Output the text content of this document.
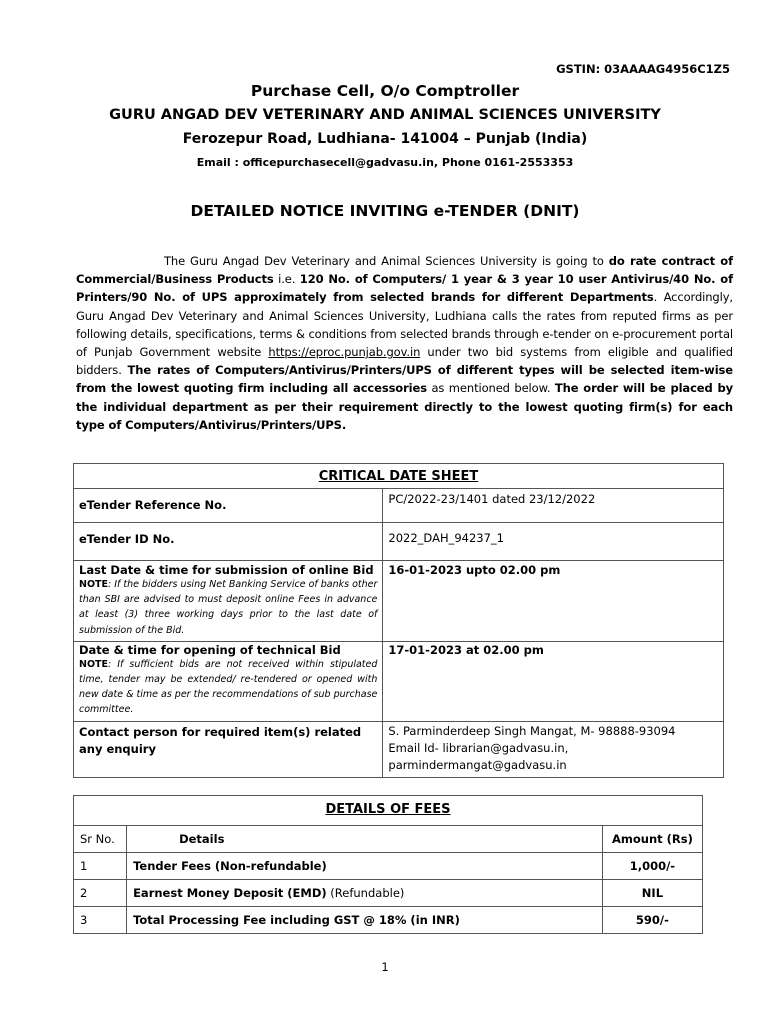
GSTIN: 03AAAAG4956C1Z5
Purchase Cell, O/o Comptroller
GURU ANGAD DEV VETERINARY AND ANIMAL SCIENCES UNIVERSITY
Ferozepur Road, Ludhiana- 141004 – Punjab (India)
Email : officepurchasecell@gadvasu.in, Phone 0161-2553353
DETAILED NOTICE INVITING e-TENDER (DNIT)
The Guru Angad Dev Veterinary and Animal Sciences University is going to do rate contract of Commercial/Business Products i.e. 120 No. of Computers/ 1 year & 3 year 10 user Antivirus/40 No. of Printers/90 No. of UPS approximately from selected brands for different Departments. Accordingly, Guru Angad Dev Veterinary and Animal Sciences University, Ludhiana calls the rates from reputed firms as per following details, specifications, terms & conditions from selected brands through e-tender on e-procurement portal of Punjab Government website https://eproc.punjab.gov.in under two bid systems from eligible and qualified bidders. The rates of Computers/Antivirus/Printers/UPS of different types will be selected item-wise from the lowest quoting firm including all accessories as mentioned below. The order will be placed by the individual department as per their requirement directly to the lowest quoting firm(s) for each type of Computers/Antivirus/Printers/UPS.
CRITICAL DATE SHEET	
eTender Reference No.	PC/2022-23/1401 dated 23/12/2022
eTender ID No.	2022_DAH_94237_1

Last Date & time for submission of online Bid
NOTE: If the bidders using Net Banking Service of banks other than SBI are advised to must deposit online Fees in advance at least (3) three working days prior to the last date of submission of the Bid.	16-01-2023 upto 02.00 pm

Date & time for opening of technical Bid
NOTE: If sufficient bids are not received within stipulated time, tender may be extended/ re-tendered or opened with new date & time as per the recommendations of sub purchase committee.	17-01-2023 at 02.00 pm
Contact person for required item(s) related any enquiry	S. Parminderdeep Singh Mangat, M- 98888-93094
Email Id- librarian@gadvasu.in,
parmindermangat@gadvasu.in
DETAILS OF FEES		
Sr No.	Details	Amount (Rs)
1	Tender Fees (Non-refundable)	1,000/-
2	Earnest Money Deposit (EMD) (Refundable)	NIL
3	Total Processing Fee including GST @ 18% (in INR)	590/-
1
